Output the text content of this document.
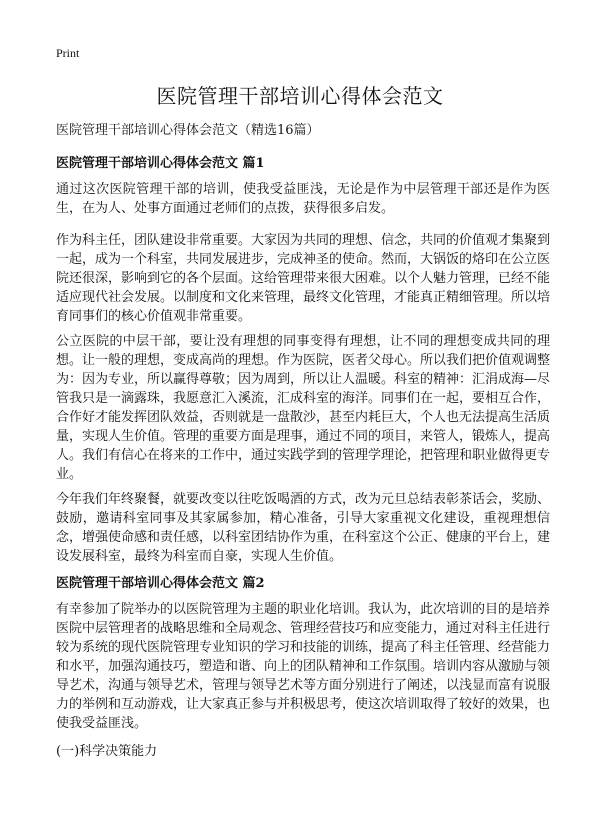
Print
医院管理干部培训心得体会范文

医院管理干部培训心得体会范文（精选16篇）

医院管理干部培训心得体会范文 篇1

通过这次医院管理干部的培训，使我受益匪浅，无论是作为中层管理干部还是作为医生，在为人、处事方面通过老师们的点拨，获得很多启发。

作为科主任，团队建设非常重要。大家因为共同的理想、信念，共同的价值观才集聚到一起，成为一个科室，共同发展进步，完成神圣的使命。然而，大锅饭的烙印在公立医院还很深，影响到它的各个层面。这给管理带来很大困难。以个人魅力管理，已经不能适应现代社会发展。以制度和文化来管理，最终文化管理，才能真正精细管理。所以培育同事们的核心价值观非常重要。

公立医院的中层干部，要让没有理想的同事变得有理想，让不同的理想变成共同的理想。让一般的理想，变成高尚的理想。作为医院，医者父母心。所以我们把价值观调整为：因为专业，所以赢得尊敬；因为周到，所以让人温暖。科室的精神：汇涓成海—尽管我只是一滴露珠，我愿意汇入溪流，汇成科室的海洋。同事们在一起，要相互合作，合作好才能发挥团队效益，否则就是一盘散沙，甚至内耗巨大，个人也无法提高生活质量，实现人生价值。管理的重要方面是理事，通过不同的项目，来管人，锻炼人，提高人。我们有信心在将来的工作中，通过实践学到的管理学理论，把管理和职业做得更专业。

今年我们年终聚餐，就要改变以往吃饭喝酒的方式，改为元旦总结表彰茶话会，奖励、鼓励，邀请科室同事及其家属参加，精心准备，引导大家重视文化建设，重视理想信念，增强使命感和责任感，以科室团结协作为重，在科室这个公正、健康的平台上，建设发展科室，最终为科室而自豪，实现人生价值。

医院管理干部培训心得体会范文 篇2

有幸参加了院举办的以医院管理为主题的职业化培训。我认为，此次培训的目的是培养医院中层管理者的战略思维和全局观念、管理经营技巧和应变能力，通过对科主任进行较为系统的现代医院管理专业知识的学习和技能的训练，提高了科主任管理、经营能力和水平，加强沟通技巧，塑造和谐、向上的团队精神和工作氛围。培训内容从激励与领导艺术，沟通与领导艺术，管理与领导艺术等方面分别进行了阐述，以浅显而富有说服力的举例和互动游戏，让大家真正参与并积极思考，使这次培训取得了较好的效果，也使我受益匪浅。

(一)科学决策能力
